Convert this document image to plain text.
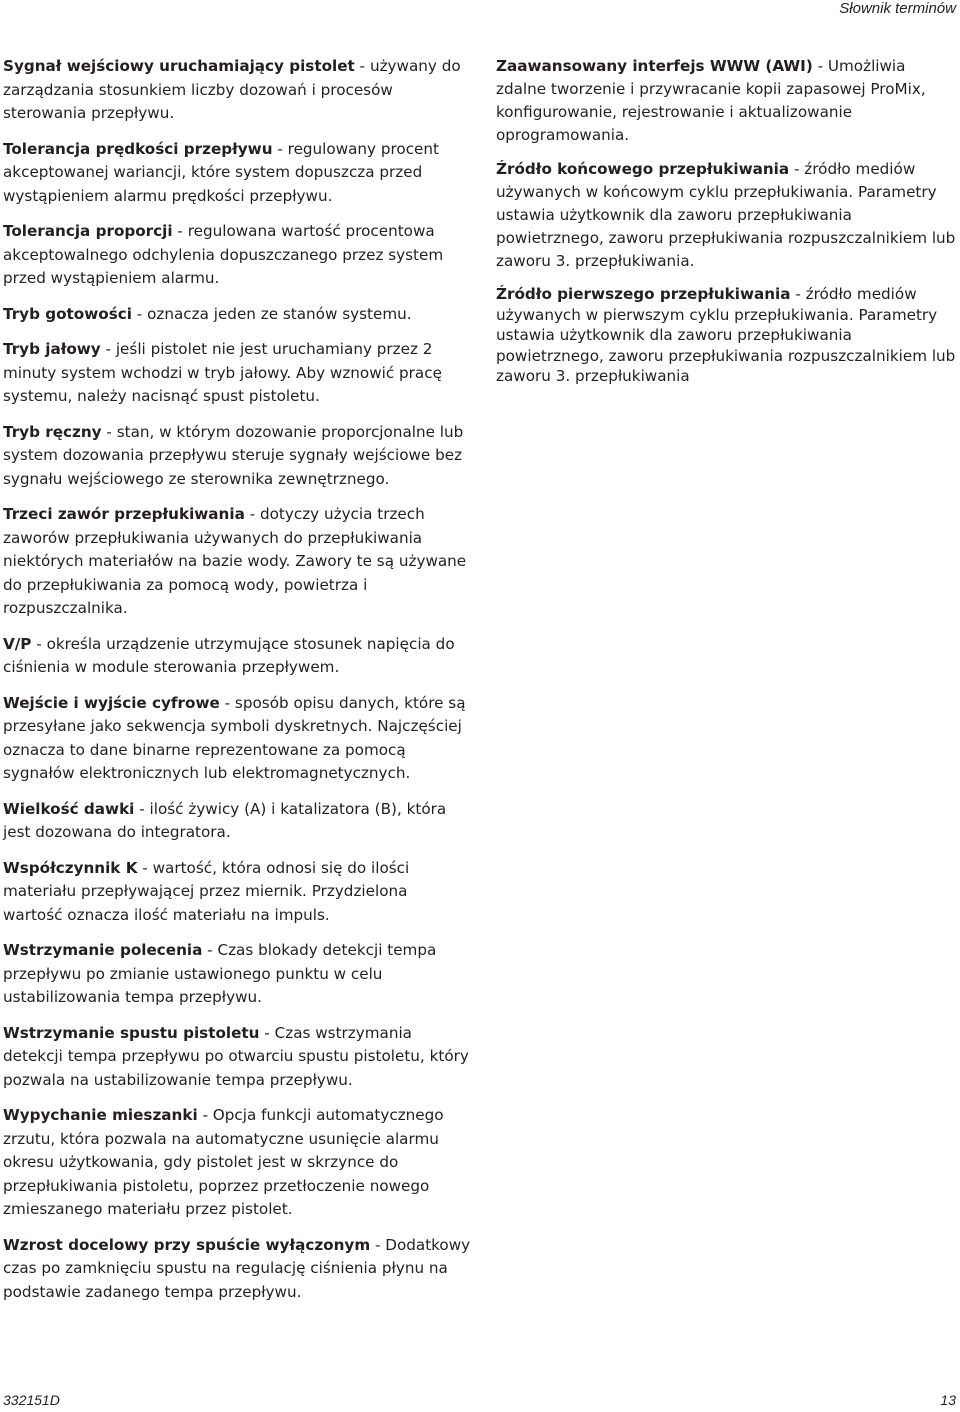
Słownik terminów

Sygnał wejściowy uruchamiający pistolet - używany do zarządzania stosunkiem liczby dozowań i procesów sterowania przepływu.

Tolerancja prędkości przepływu - regulowany procent akceptowanej wariancji, które system dopuszcza przed wystąpieniem alarmu prędkości przepływu.

Tolerancja proporcji - regulowana wartość procentowa akceptowalnego odchylenia dopuszczanego przez system przed wystąpieniem alarmu.

Tryb gotowości - oznacza jeden ze stanów systemu.

Tryb jałowy - jeśli pistolet nie jest uruchamiany przez 2 minuty system wchodzi w tryb jałowy. Aby wznowić pracę systemu, należy nacisnąć spust pistoletu.

Tryb ręczny - stan, w którym dozowanie proporcjonalne lub system dozowania przepływu steruje sygnały wejściowe bez sygnału wejściowego ze sterownika zewnętrznego.

Trzeci zawór przepłukiwania - dotyczy użycia trzech zaworów przepłukiwania używanych do przepłukiwania niektórych materiałów na bazie wody. Zawory te są używane do przepłukiwania za pomocą wody, powietrza i rozpuszczalnika.

V/P - określa urządzenie utrzymujące stosunek napięcia do ciśnienia w module sterowania przepływem.

Wejście i wyjście cyfrowe - sposób opisu danych, które są przesyłane jako sekwencja symboli dyskretnych. Najczęściej oznacza to dane binarne reprezentowane za pomocą sygnałów elektronicznych lub elektromagnetycznych.

Wielkość dawki - ilość żywicy (A) i katalizatora (B), która jest dozowana do integratora.

Współczynnik K - wartość, która odnosi się do ilości materiału przepływającej przez miernik. Przydzielona wartość oznacza ilość materiału na impuls.

Wstrzymanie polecenia - Czas blokady detekcji tempa przepływu po zmianie ustawionego punktu w celu ustabilizowania tempa przepływu.

Wstrzymanie spustu pistoletu - Czas wstrzymania detekcji tempa przepływu po otwarciu spustu pistoletu, który pozwala na ustabilizowanie tempa przepływu.

Wypychanie mieszanki - Opcja funkcji automatycznego zrzutu, która pozwala na automatyczne usunięcie alarmu okresu użytkowania, gdy pistolet jest w skrzynce do przepłukiwania pistoletu, poprzez przetłoczenie nowego zmieszanego materiału przez pistolet.

Wzrost docelowy przy spuście wyłączonym - Dodatkowy czas po zamknięciu spustu na regulację ciśnienia płynu na podstawie zadanego tempa przepływu.

Zaawansowany interfejs WWW (AWI) - Umożliwia zdalne tworzenie i przywracanie kopii zapasowej ProMix, konfigurowanie, rejestrowanie i aktualizowanie oprogramowania.

Źródło końcowego przepłukiwania - źródło mediów używanych w końcowym cyklu przepłukiwania. Parametry ustawia użytkownik dla zaworu przepłukiwania powietrznego, zaworu przepłukiwania rozpuszczalnikiem lub zaworu 3. przepłukiwania.

Źródło pierwszego przepłukiwania - źródło mediów używanych w pierwszym cyklu przepłukiwania. Parametry ustawia użytkownik dla zaworu przepłukiwania powietrznego, zaworu przepłukiwania rozpuszczalnikiem lub zaworu 3. przepłukiwania

332151D	13
